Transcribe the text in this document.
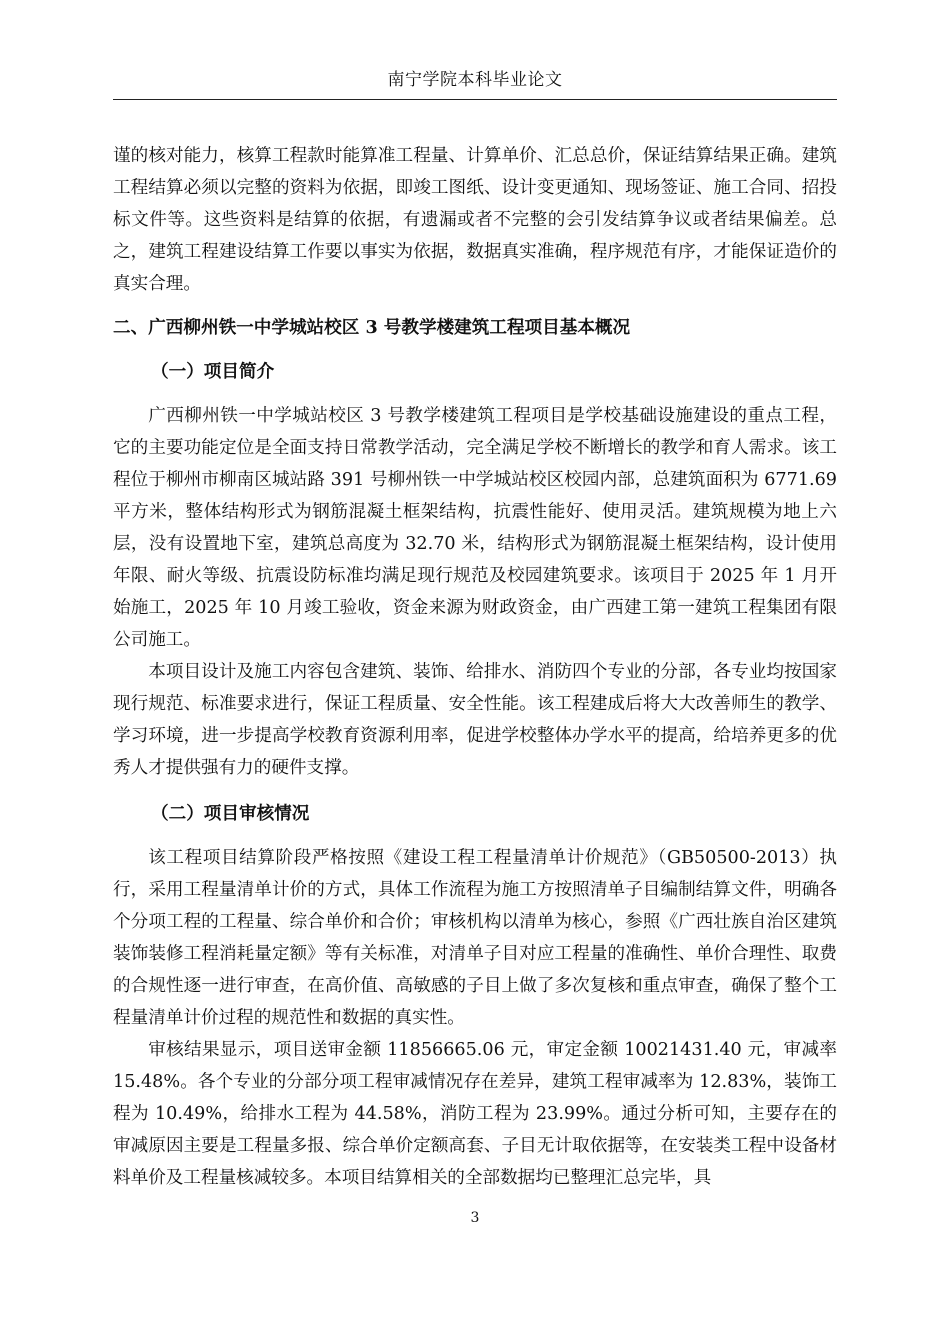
南宁学院本科毕业论文

谨的核对能力，核算工程款时能算准工程量、计算单价、汇总总价，保证结算结果正确。建筑工程结算必须以完整的资料为依据，即竣工图纸、设计变更通知、现场签证、施工合同、招投标文件等。这些资料是结算的依据，有遗漏或者不完整的会引发结算争议或者结果偏差。总之，建筑工程建设结算工作要以事实为依据，数据真实准确，程序规范有序，才能保证造价的真实合理。

二、广西柳州铁一中学城站校区 3 号教学楼建筑工程项目基本概况
（一）项目简介

广西柳州铁一中学城站校区 3 号教学楼建筑工程项目是学校基础设施建设的重点工程，它的主要功能定位是全面支持日常教学活动，完全满足学校不断增长的教学和育人需求。该工程位于柳州市柳南区城站路 391 号柳州铁一中学城站校区校园内部，总建筑面积为 6771.69 平方米，整体结构形式为钢筋混凝土框架结构，抗震性能好、使用灵活。建筑规模为地上六层，没有设置地下室，建筑总高度为 32.70 米，结构形式为钢筋混凝土框架结构，设计使用年限、耐火等级、抗震设防标准均满足现行规范及校园建筑要求。该项目于 2025 年 1 月开始施工，2025 年 10 月竣工验收，资金来源为财政资金，由广西建工第一建筑工程集团有限公司施工。

本项目设计及施工内容包含建筑、装饰、给排水、消防四个专业的分部，各专业均按国家现行规范、标准要求进行，保证工程质量、安全性能。该工程建成后将大大改善师生的教学、学习环境，进一步提高学校教育资源利用率，促进学校整体办学水平的提高，给培养更多的优秀人才提供强有力的硬件支撑。

（二）项目审核情况

该工程项目结算阶段严格按照《建设工程工程量清单计价规范》（GB50500-2013）执行，采用工程量清单计价的方式，具体工作流程为施工方按照清单子目编制结算文件，明确各个分项工程的工程量、综合单价和合价；审核机构以清单为核心，参照《广西壮族自治区建筑装饰装修工程消耗量定额》等有关标准，对清单子目对应工程量的准确性、单价合理性、取费的合规性逐一进行审查，在高价值、高敏感的子目上做了多次复核和重点审查，确保了整个工程量清单计价过程的规范性和数据的真实性。

审核结果显示，项目送审金额 11856665.06 元，审定金额 10021431.40 元，审减率15.48%。各个专业的分部分项工程审减情况存在差异，建筑工程审减率为 12.83%，装饰工程为 10.49%，给排水工程为 44.58%，消防工程为 23.99%。通过分析可知，主要存在的审减原因主要是工程量多报、综合单价定额高套、子目无计取依据等，在安装类工程中设备材料单价及工程量核减较多。本项目结算相关的全部数据均已整理汇总完毕，具

3
